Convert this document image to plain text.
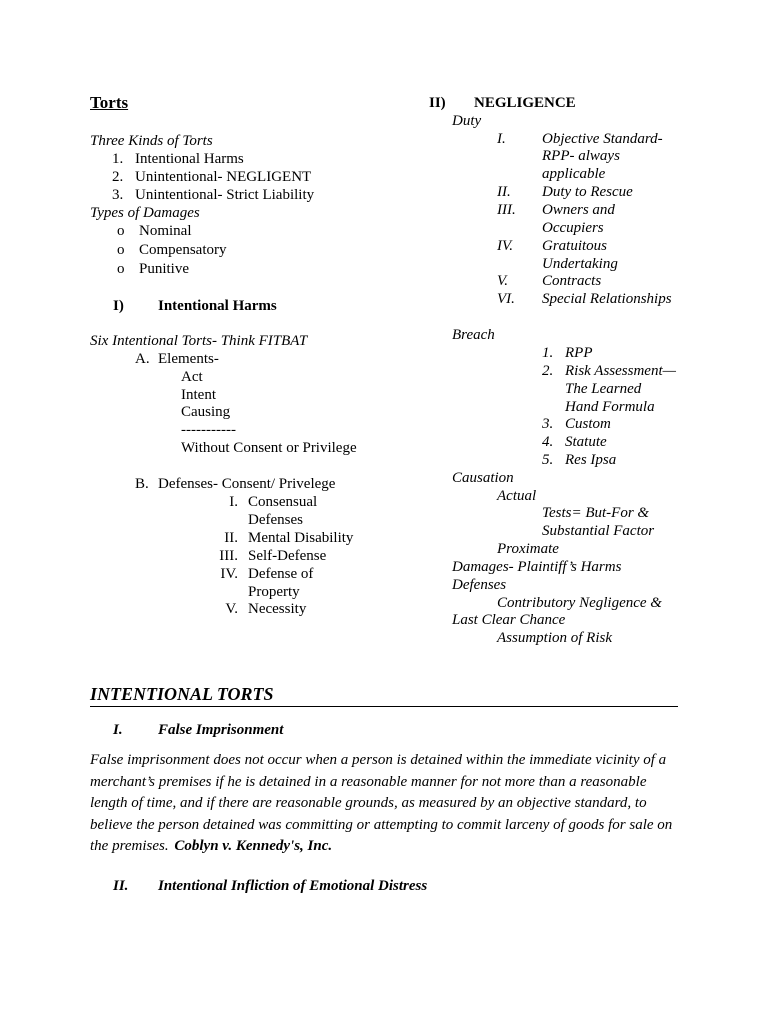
Torts
Three Kinds of Torts
1. Intentional Harms
2. Unintentional- NEGLIGENT
3. Unintentional- Strict Liability
Types of Damages
o Nominal
o Compensatory
o Punitive
I) Intentional Harms
Six Intentional Torts- Think FITBAT
A. Elements-
Act
Intent
Causing
-----------
Without Consent or Privilege
B. Defenses- Consent/ Privelege
I. Consensual
Defenses
II. Mental Disability
III. Self-Defense
IV. Defense of
Property
V. Necessity
II) NEGLIGENCE
Duty
I. Objective Standard-
RPP- always
applicable
II. Duty to Rescue
III. Owners and
Occupiers
IV. Gratuitous
Undertaking
V. Contracts
VI. Special Relationships
Breach
1. RPP
2. Risk Assessment—
The Learned
Hand Formula
3. Custom
4. Statute
5. Res Ipsa
Causation
Actual
Tests= But-For &
Substantial Factor
Proximate
Damages- Plaintiff’s Harms
Defenses
Contributory Negligence &
Last Clear Chance
Assumption of Risk
INTENTIONAL TORTS
I. False Imprisonment
False imprisonment does not occur when a person is detained within the immediate vicinity of a merchant’s premises if he is detained in a reasonable manner for not more than a reasonable length of time, and if there are reasonable grounds, as measured by an objective standard, to believe the person detained was committing or attempting to commit larceny of goods for sale on the premises. Coblyn v. Kennedy's, Inc.
II. Intentional Infliction of Emotional Distress
